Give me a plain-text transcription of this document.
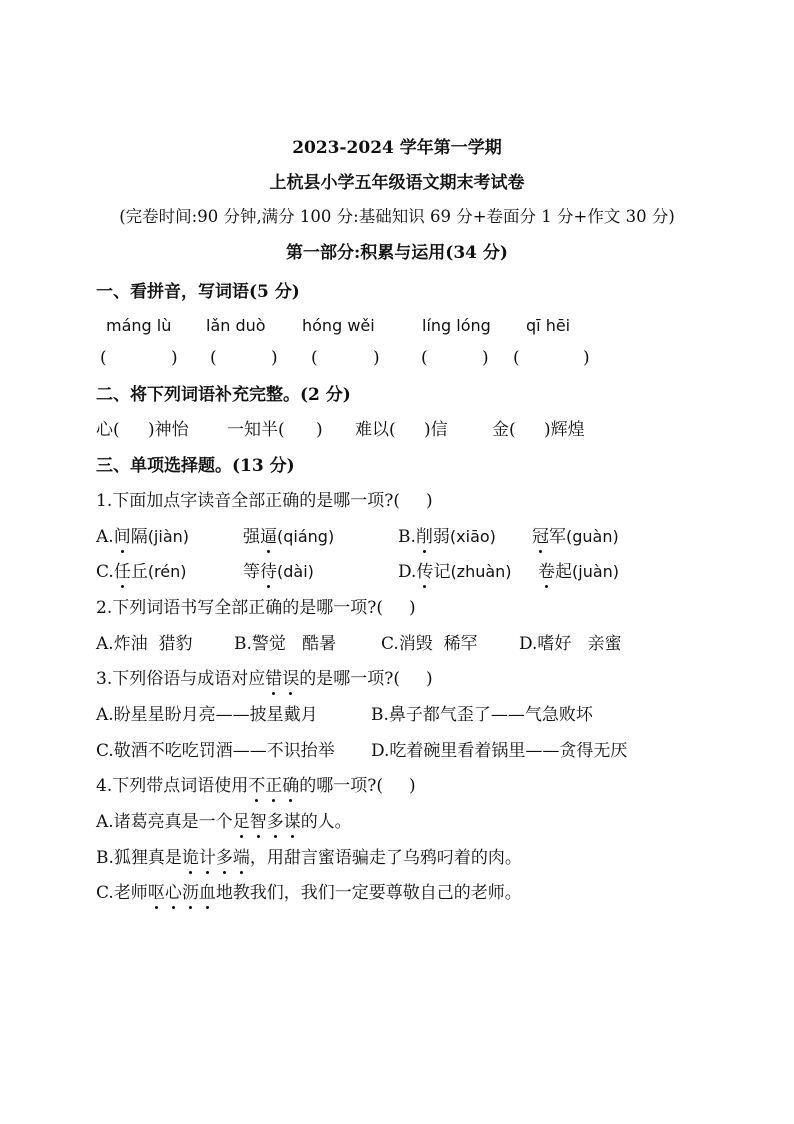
2023-2024 学年第一学期
上杭县小学五年级语文期末考试卷
(完卷时间:90 分钟,满分 100 分:基础知识 69 分+卷面分 1 分+作文 30 分)
第一部分:积累与运用(34 分)
一、看拼音，写词语(5 分)
máng lù lǎn duò hóng wěi	líng lóng qī hēi
(	) (	) (	) (	) (	)
二、将下列词语补充完整。(2 分)
心( )神怡 一知半( ) 难以( )信	金( )辉煌
三、单项选择题。(13 分)
1.下面加点字读音全部正确的是哪一项?( )
A.间隔(jiàn)	强逼(qiáng)	B.削弱(xiāo) 冠军(guàn)
C.任丘(rén)	等待(dài)	D.传记(zhuàn) 卷起(juàn)
2.下列词语书写全部正确的是哪一项?( )
A.炸油  猎豹 B.警觉   酷暑	C.消毁  稀罕 D.嗜好   亲蜜
3.下列俗语与成语对应错误的是哪一项?( )
A.盼星星盼月亮——披星戴月	B.鼻子都气歪了——气急败坏
C.敬酒不吃吃罚酒——不识抬举 D.吃着碗里看着锅里——贪得无厌
4.下列带点词语使用不正确的哪一项?( )
A.诸葛亮真是一个足智多谋的人。
B.狐狸真是诡计多端，用甜言蜜语骗走了乌鸦叼着的肉。
C.老师呕心沥血地教我们，我们一定要尊敬自己的老师。
